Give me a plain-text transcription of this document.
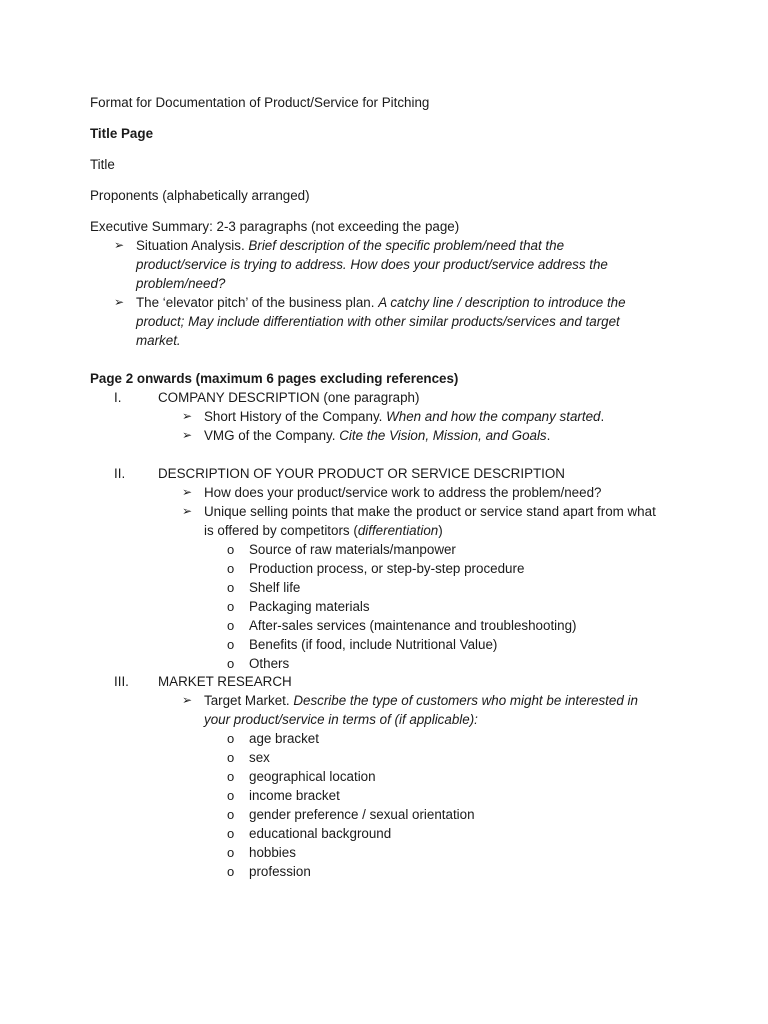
Format for Documentation of Product/Service for Pitching
Title Page
Title
Proponents (alphabetically arranged)
Executive Summary: 2-3 paragraphs (not exceeding the page)
➢ Situation Analysis. Brief description of the specific problem/need that the
product/service is trying to address. How does your product/service address the
problem/need?
➢ The ‘elevator pitch’ of the business plan. A catchy line / description to introduce the
product; May include differentiation with other similar products/services and target
market.
Page 2 onwards (maximum 6 pages excluding references)
I.	COMPANY DESCRIPTION (one paragraph)
➢ Short History of the Company. When and how the company started.
➢ VMG of the Company. Cite the Vision, Mission, and Goals.
II. DESCRIPTION OF YOUR PRODUCT OR SERVICE DESCRIPTION
➢ How does your product/service work to address the problem/need?
➢ Unique selling points that make the product or service stand apart from what
is offered by competitors (differentiation)
o Source of raw materials/manpower
o Production process, or step-by-step procedure
o Shelf life
o Packaging materials
o After-sales services (maintenance and troubleshooting)
o Benefits (if food, include Nutritional Value)
o Others
III. MARKET RESEARCH
➢ Target Market. Describe the type of customers who might be interested in
your product/service in terms of (if applicable):
o age bracket
o sex
o geographical location
o income bracket
o gender preference / sexual orientation
o educational background
o hobbies
o profession
